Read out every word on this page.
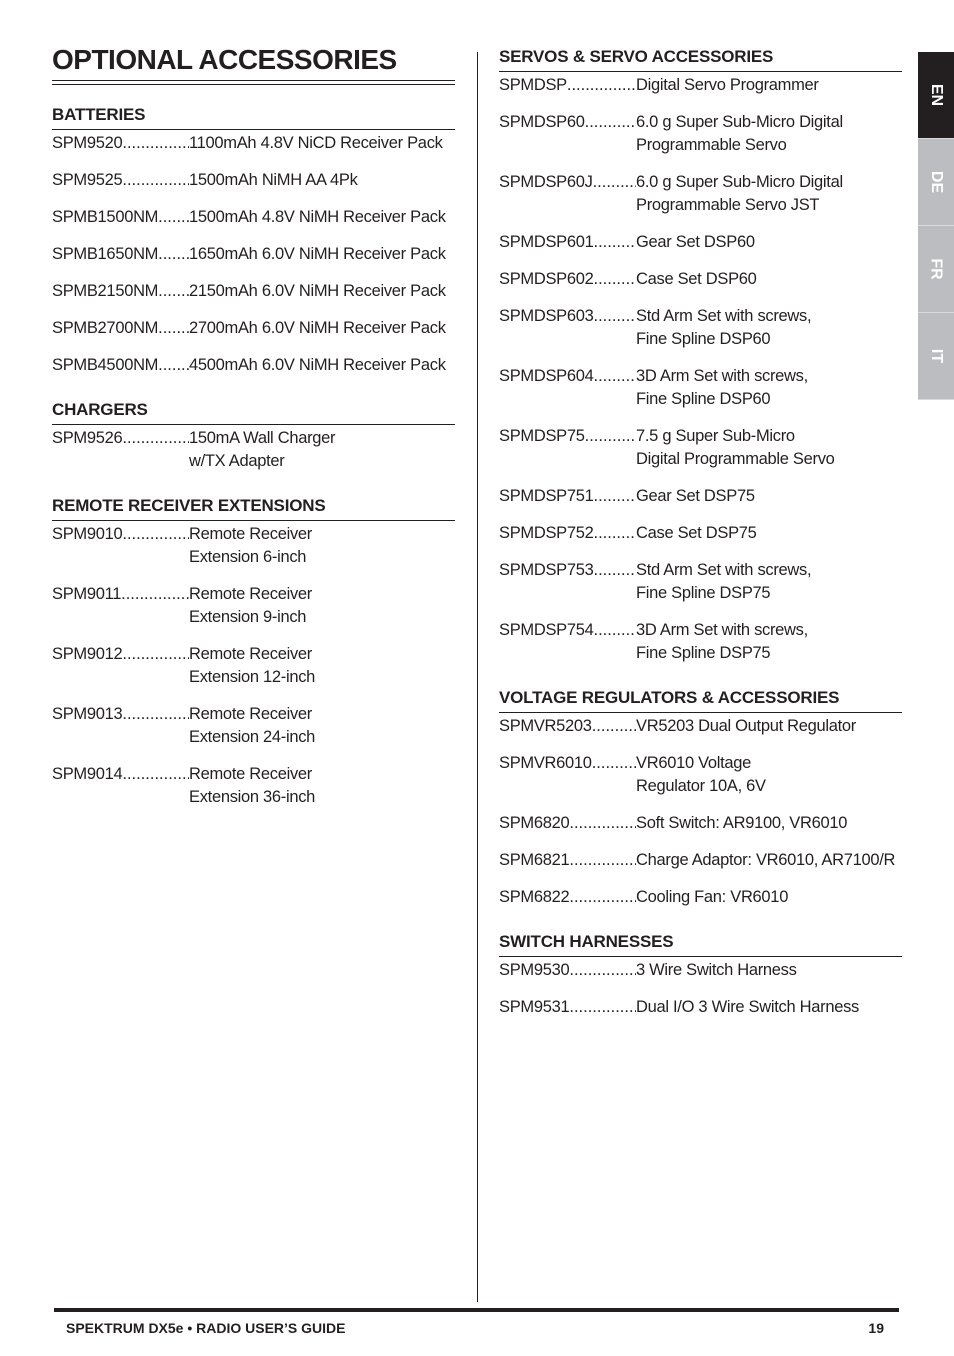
OPTIONAL ACCESSORIES
BATTERIES
SPM9520 .....	1100mAh 4.8V NiCD Receiver Pack
SPM9525 .....	1500mAh NiMH AA 4Pk
SPMB1500NM ..... 1500mAh 4.8V NiMH Receiver Pack
SPMB1650NM ..... 1650mAh 6.0V NiMH Receiver Pack
SPMB2150NM ..... 2150mAh 6.0V NiMH Receiver Pack
SPMB2700NM ..... 2700mAh 6.0V NiMH Receiver Pack
SPMB4500NM ..... 4500mAh 6.0V NiMH Receiver Pack
CHARGERS
SPM9526 .....	150mA Wall Charger
w/TX Adapter
REMOTE RECEIVER EXTENSIONS
SPM9010 .....	Remote Receiver
Extension 6-inch
SPM9011 .....	Remote Receiver
Extension 9-inch
SPM9012 .....	Remote Receiver
Extension 12-inch
SPM9013 .....	Remote Receiver
Extension 24-inch
SPM9014 .....	Remote Receiver
Extension 36-inch
SERVOS & SERVO ACCESSORIES
SPMDSP .....	Digital Servo Programmer
SPMDSP60 .....	6.0 g Super Sub-Micro Digital
Programmable Servo
SPMDSP60J .....	6.0 g Super Sub-Micro Digital
Programmable Servo JST
SPMDSP601 .....	Gear Set DSP60
SPMDSP602 .....	Case Set DSP60
SPMDSP603 .....	Std Arm Set with screws,
Fine Spline DSP60
SPMDSP604 .....	3D Arm Set with screws,
Fine Spline DSP60
SPMDSP75 .....	7.5 g Super Sub-Micro
Digital Programmable Servo
SPMDSP751 .....	Gear Set DSP75
SPMDSP752 .....	Case Set DSP75
SPMDSP753 .....	Std Arm Set with screws,
Fine Spline DSP75
SPMDSP754 .....	3D Arm Set with screws,
Fine Spline DSP75
VOLTAGE REGULATORS & ACCESSORIES
SPMVR5203 .....	VR5203 Dual Output Regulator
SPMVR6010 .....	VR6010 Voltage
Regulator 10A, 6V
SPM6820 .....	Soft Switch: AR9100, VR6010
SPM6821 .....	Charge Adaptor: VR6010, AR7100/R
SPM6822 .....	Cooling Fan: VR6010
SWITCH HARNESSES
SPM9530 .....	3 Wire Switch Harness
SPM9531 .....	Dual I/O 3 Wire Switch Harness
EN
DE
FR
IT
SPEKTRUM DX5e • RADIO USER’S GUIDE	19
